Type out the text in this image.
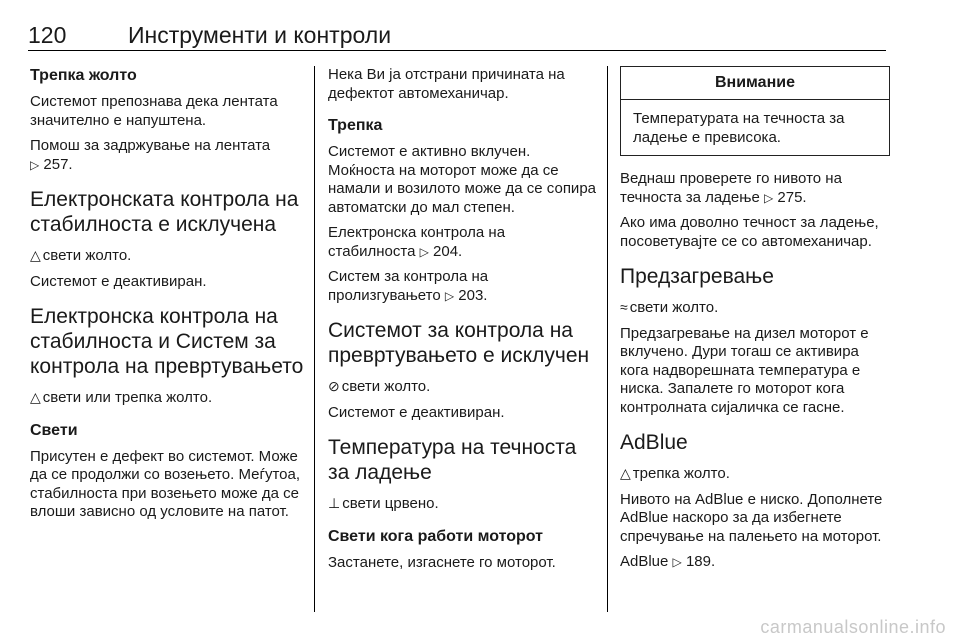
120	Инструменти и контроли
Трепка жолто

Системот препознава дека лентата значително е напуштена.

Помош за задржување на лентата
▷ 257.

Електронската контрола на стабилноста е исклучена

△ свети жолто.

Системот е деактивиран.

Електронска контрола на стабилноста и Систем за контрола на превртувањето

△ свети или трепка жолто.

Свети

Присутен е дефект во системот. Може да се продолжи со возењето. Меѓутоа, стабилноста при возењето може да се влоши зависно од условите на патот.

Нека Ви ја отстрани причината на дефектот автомеханичар.

Трепка

Системот е активно вклучен. Моќноста на моторот може да се намали и возилото може да се сопира автоматски до мал степен.

Електронска контрола на стабилноста ▷ 204.

Систем за контрола на пролизгувањето ▷ 203.

Системот за контрола на превртувањето е исклучен

⊘ свети жолто.

Системот е деактивиран.

Температура на течноста за ладење

⊥ свети црвено.

Свети кога работи моторот

Застанете, изгаснете го моторот.

Внимание

Температурата на течноста за ладење е превисока.

Веднаш проверете го нивото на течноста за ладење ▷ 275.

Ако има доволно течност за ладење, посоветувајте се со автомеханичар.

Предзагревање

≈ свети жолто.

Предзагревање на дизел моторот е вклучено. Дури тогаш се активира кога надворешната температура е ниска. Запалете го моторот кога контролната сијаличка се гасне.

AdBlue

△ трепка жолто.

Нивото на AdBlue е ниско. Дополнете AdBlue наскоро за да избегнете спречување на палењето на моторот.

AdBlue ▷ 189.

carmanualsonline.info
